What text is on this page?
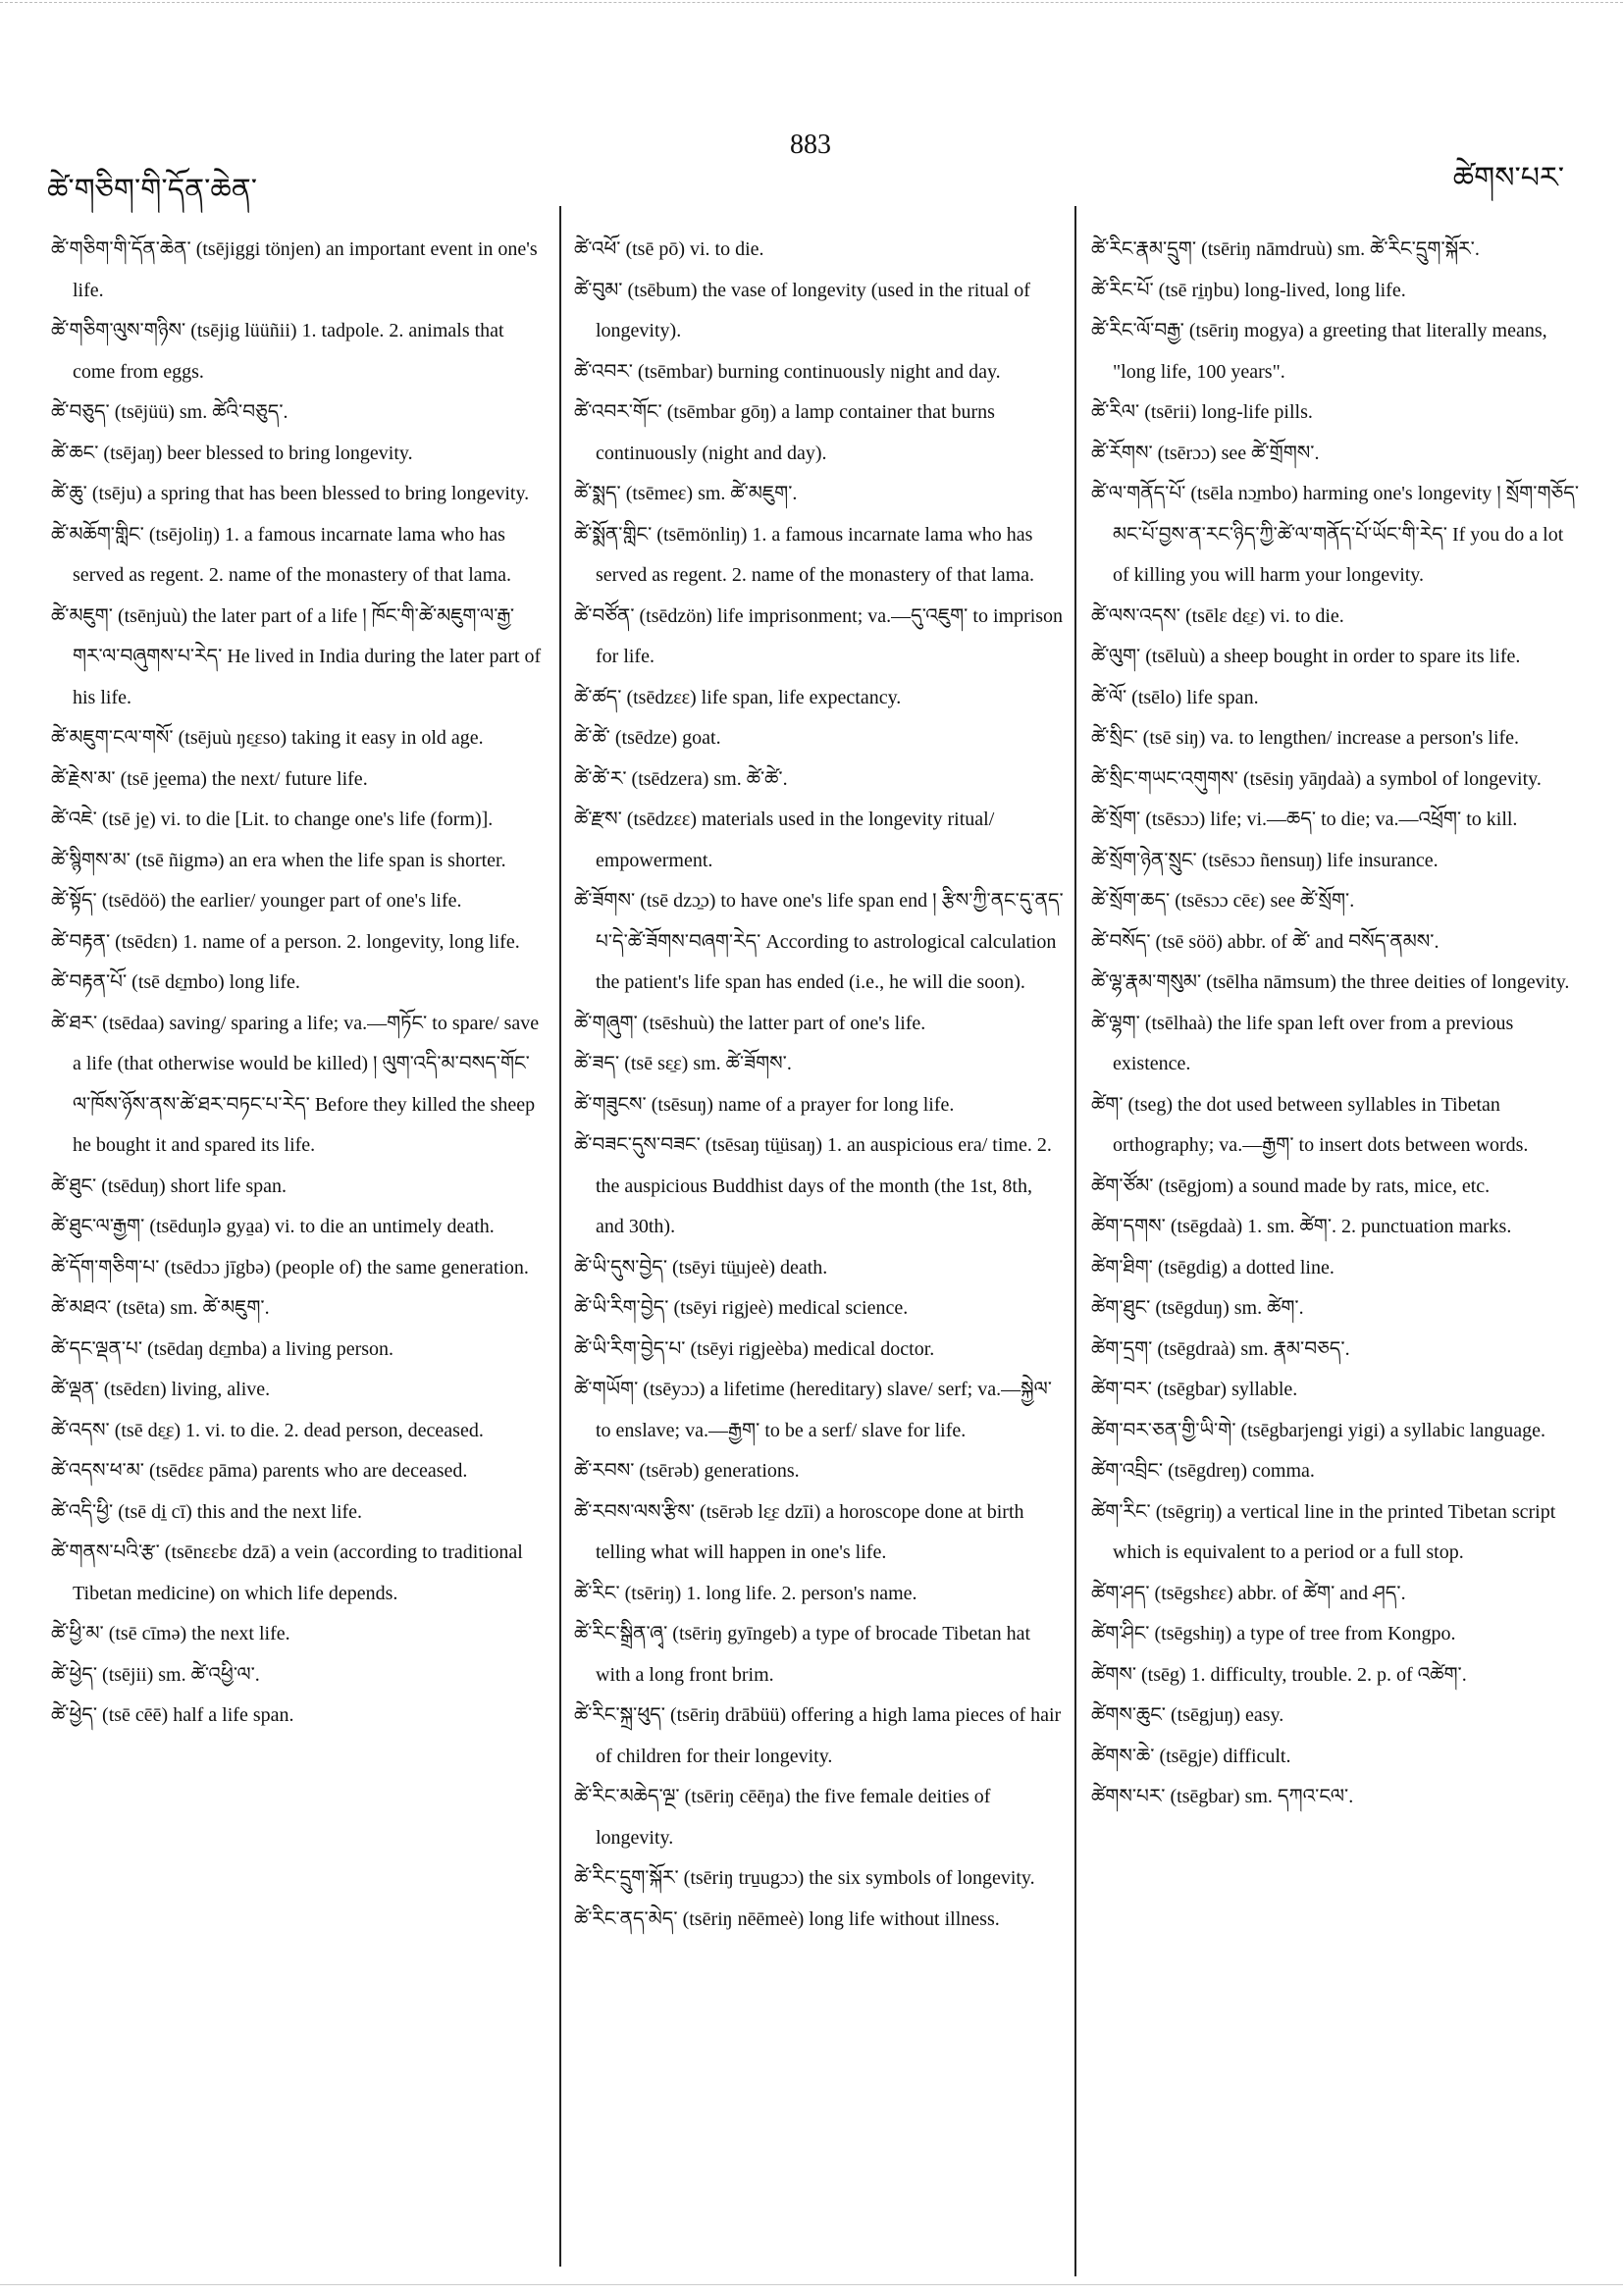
ཚེ་གཅིག་གི་དོན་ཆེན་
883
ཚེགས་པར་

ཚེ་གཅིག་གི་དོན་ཆེན་ (tsējiggi tönjen) an important event in one's life.

ཚེ་གཅིག་ལུས་གཉིས་ (tsējig lüüñii) 1. tadpole. 2. animals that come from eggs.

ཚེ་བཅུད་ (tsējüü) sm. ཚེའི་བཅུད་.

ཚེ་ཆང་ (tsējaŋ) beer blessed to bring longevity.

ཚེ་ཆུ་ (tsēju) a spring that has been blessed to bring longevity.

ཚེ་མཆོག་གླིང་ (tsējoliŋ) 1. a famous incarnate lama who has served as regent. 2. name of the monastery of that lama.

ཚེ་མཇུག་ (tsēnjuù) the later part of a life ། ཁོང་གི་ཚེ་མཇུག་ལ་རྒྱ་གར་ལ་བཞུགས་པ་རེད་ He lived in India during the later part of his life.

ཚེ་མཇུག་ངལ་གསོ་ (tsējuù ŋɛ̱ɛso) taking it easy in old age.

ཚེ་རྗེས་མ་ (tsē je̱ema) the next/ future life.

ཚེ་འཇེ་ (tsē je̱) vi. to die [Lit. to change one's life (form)].

ཚེ་སྙིགས་མ་ (tsē ñigmə) an era when the life span is shorter.

ཚེ་སྟོད་ (tsēdöö) the earlier/ younger part of one's life.

ཚེ་བརྟན་ (tsēdɛn) 1. name of a person. 2. longevity, long life.

ཚེ་བརྟན་པོ་ (tsē dɛ̱mbo) long life.

ཚེ་ཐར་ (tsēdaa) saving/ sparing a life; va.—གཏོང་ to spare/ save a life (that otherwise would be killed) ། ལུག་འདི་མ་བསད་གོང་ལ་ཁོས་ཉོས་ནས་ཚེ་ཐར་བཏང་པ་རེད་ Before they killed the sheep he bought it and spared its life.

ཚེ་ཐུང་ (tsēduŋ) short life span.

ཚེ་ཐུང་ལ་རྒྱག་ (tsēduŋlə gya̱a) vi. to die an untimely death.

ཚེ་དོག་གཅིག་པ་ (tsēdɔɔ jīgbə) (people of) the same generation.

ཚེ་མཐའ་ (tsēta) sm. ཚེ་མཇུག་.

ཚེ་དང་ལྡན་པ་ (tsēdaŋ dɛ̱mba) a living person.

ཚེ་ལྡན་ (tsēdɛn) living, alive.

ཚེ་འདས་ (tsē dɛ̱ɛ) 1. vi. to die. 2. dead person, deceased.

ཚེ་འདས་ཕ་མ་ (tsēdɛɛ pāma) parents who are deceased.

ཚེ་འདི་ཕྱི་ (tsē di̱ cī) this and the next life.

ཚེ་གནས་པའི་རྩ་ (tsēnɛɛbɛ dzā) a vein (according to traditional Tibetan medicine) on which life depends.

ཚེ་ཕྱི་མ་ (tsē cīmə) the next life.

ཚེ་ཕྱེད་ (tsējii) sm. ཚེ་འཕྱི་ལ་.

ཚེ་ཕྱེད་ (tsē cēē) half a life span.

ཚེ་འཕོ་ (tsē pō) vi. to die.

ཚེ་བུམ་ (tsēbum) the vase of longevity (used in the ritual of longevity).

ཚེ་འབར་ (tsēmbar) burning continuously night and day.

ཚེ་འབར་གོང་ (tsēmbar gōŋ) a lamp container that burns continuously (night and day).

ཚེ་སྨད་ (tsēmeɛ) sm. ཚེ་མཇུག་.

ཚེ་སྨོན་གླིང་ (tsēmönliŋ) 1. a famous incarnate lama who has served as regent. 2. name of the monastery of that lama.

ཚེ་བཙོན་ (tsēdzön) life imprisonment; va.—དུ་འཇུག་ to imprison for life.

ཚེ་ཚད་ (tsēdzɛɛ) life span, life expectancy.

ཚེ་ཚེ་ (tsēdze) goat.

ཚེ་ཚེ་ར་ (tsēdzera) sm. ཚེ་ཚེ་.

ཚེ་རྫས་ (tsēdzɛɛ) materials used in the longevity ritual/ empowerment.

ཚེ་ཟོགས་ (tsē dzɔ̱ɔ) to have one's life span end ། རྩིས་ཀྱི་ནང་དུ་ནད་པ་དེ་ཚེ་ཟོགས་བཞག་རེད་ According to astrological calculation the patient's life span has ended (i.e., he will die soon).

ཚེ་གཞུག་ (tsēshuù) the latter part of one's life.

ཚེ་ཟད་ (tsē sɛ̱ɛ) sm. ཚེ་ཟོགས་.

ཚེ་གཟུངས་ (tsēsuŋ) name of a prayer for long life.

ཚེ་བཟང་དུས་བཟང་ (tsēsaŋ tü̱üsaŋ) 1. an auspicious era/ time. 2. the auspicious Buddhist days of the month (the 1st, 8th, and 30th).

ཚེ་ཡི་དུས་བྱེད་ (tsēyi tü̱ujeè) death.

ཚེ་ཡི་རིག་བྱེད་ (tsēyi rigjeè) medical science.

ཚེ་ཡི་རིག་བྱེད་པ་ (tsēyi rigjeèba) medical doctor.

ཚེ་གཡོག་ (tsēyɔɔ) a lifetime (hereditary) slave/ serf; va.—སྐྱེལ་ to enslave; va.—རྒྱག་ to be a serf/ slave for life.

ཚེ་རབས་ (tsērəb) generations.

ཚེ་རབས་ལས་རྩིས་ (tsērəb lɛ̱ɛ dzīi) a horoscope done at birth telling what will happen in one's life.

ཚེ་རིང་ (tsēriŋ) 1. long life. 2. person's name.

ཚེ་རིང་སྒྲིན་ཞྭ་ (tsēriŋ gyīngeb) a type of brocade Tibetan hat with a long front brim.

ཚེ་རིང་སྐྲ་ཕུད་ (tsēriŋ drābüü) offering a high lama pieces of hair of children for their longevity.

ཚེ་རིང་མཆེད་ལྔ་ (tsēriŋ cēēŋa) the five female deities of longevity.

ཚེ་རིང་དྲུག་སྐོར་ (tsēriŋ tru̱ugɔɔ) the six symbols of longevity.

ཚེ་རིང་ནད་མེད་ (tsēriŋ nēēmeè) long life without illness.

ཚེ་རིང་རྣམ་དྲུག་ (tsēriŋ nāmdruù) sm. ཚེ་རིང་དྲུག་སྐོར་.

ཚེ་རིང་པོ་ (tsē ri̱ŋbu) long-lived, long life.

ཚེ་རིང་ལོ་བརྒྱ་ (tsēriŋ mogya) a greeting that literally means, "long life, 100 years".

ཚེ་རིལ་ (tsērii) long-life pills.

ཚེ་རོགས་ (tsērɔɔ) see ཚེ་གྲོགས་.

ཚེ་ལ་གནོད་པོ་ (tsēla nɔ̱mbo) harming one's longevity ། སྲོག་གཅོད་མང་པོ་བྱས་ན་རང་ཉིད་ཀྱི་ཚེ་ལ་གནོད་པོ་ཡོང་གི་རེད་ If you do a lot of killing you will harm your longevity.

ཚེ་ལས་འདས་ (tsēlɛ dɛ̱ɛ) vi. to die.

ཚེ་ལུག་ (tsēluù) a sheep bought in order to spare its life.

ཚེ་ལོ་ (tsēlo) life span.

ཚེ་སྲིང་ (tsē siŋ) va. to lengthen/ increase a person's life.

ཚེ་སྲིང་གཡང་འགུགས་ (tsēsiŋ yāŋdaà) a symbol of longevity.

ཚེ་སྲོག་ (tsēsɔɔ) life; vi.—ཆད་ to die; va.—འཕྲོག་ to kill.

ཚེ་སྲོག་ཉེན་སྲུང་ (tsēsɔɔ ñensuŋ) life insurance.

ཚེ་སྲོག་ཆད་ (tsēsɔɔ cēɛ) see ཚེ་སྲོག་.

ཚེ་བསོད་ (tsē söö) abbr. of ཚེ་ and བསོད་ནམས་.

ཚེ་ལྷ་རྣམ་གསུམ་ (tsēlha nāmsum) the three deities of longevity.

ཚེ་ལྷག་ (tsēlhaà) the life span left over from a previous existence.

ཚེག་ (tseg) the dot used between syllables in Tibetan orthography; va.—རྒྱག་ to insert dots between words.

ཚེག་ཙོམ་ (tsēgjom) a sound made by rats, mice, etc.

ཚེག་དགས་ (tsēgdaà) 1. sm. ཚེག་. 2. punctuation marks.

ཚེག་ཐིག་ (tsēgdig) a dotted line.

ཚེག་ཐུང་ (tsēgduŋ) sm. ཚེག་.

ཚེག་དྲག་ (tsēgdraà) sm. རྣམ་བཅད་.

ཚེག་བར་ (tsēgbar) syllable.

ཚེག་བར་ཅན་གྱི་ཡི་གེ་ (tsēgbarjengi yigi) a syllabic language.

ཚེག་འབྲིང་ (tsēgdreŋ) comma.

ཚེག་རིང་ (tsēgriŋ) a vertical line in the printed Tibetan script which is equivalent to a period or a full stop.

ཚེག་ཤད་ (tsēgshɛɛ) abbr. of ཚེག་ and ཤད་.

ཚེག་ཤིང་ (tsēgshiŋ) a type of tree from Kongpo.

ཚེགས་ (tsēg) 1. difficulty, trouble. 2. p. of འཚེག་.

ཚེགས་ཆུང་ (tsēgjuŋ) easy.

ཚེགས་ཆེ་ (tsēgje) difficult.

ཚེགས་པར་ (tsēgbar) sm. དཀའ་ངལ་.
